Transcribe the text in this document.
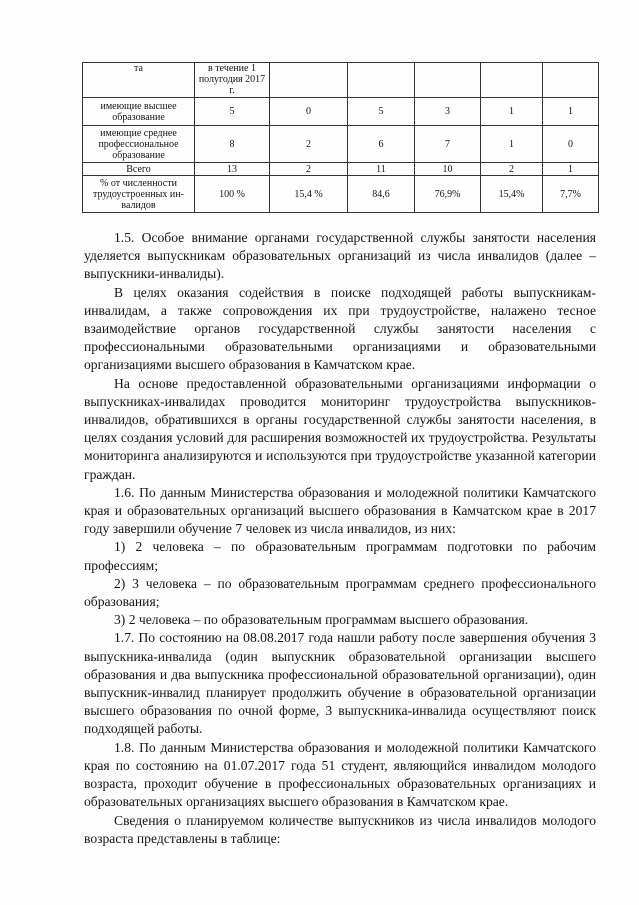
та	в течение 1 полугодия 2017 г.					
имеющие высшее образование	5	0	5	3	1	1
имеющие среднее профессиональное образование	8	2	6	7	1	0
Всего	13	2	11	10	2	1
% от численности трудоустроенных ин-валидов	100 %	15,4 %	84,6	76,9%	15,4%	7,7%

1.5. Особое внимание органами государственной службы занятости населения уделяется выпускникам образовательных организаций из числа инвалидов (далее – выпускники-инвалиды).

В целях оказания содействия в поиске подходящей работы выпускникам-инвалидам, а также сопровождения их при трудоустройстве, налажено тесное взаимодействие органов государственной службы занятости населения с профессиональными образовательными организациями и образовательными организациями высшего образования в Камчатском крае.

На основе предоставленной образовательными организациями информации о выпускниках-инвалидах проводится мониторинг трудоустройства выпускников-инвалидов, обратившихся в органы государственной службы занятости населения, в целях создания условий для расширения возможностей их трудоустройства. Результаты мониторинга анализируются и используются при трудоустройстве указанной категории граждан.

1.6. По данным Министерства образования и молодежной политики Камчатского края и образовательных организаций высшего образования в Камчатском крае в 2017 году завершили обучение 7 человек из числа инвалидов, из них:

1) 2 человека – по образовательным программам подготовки по рабочим профессиям;

2) 3 человека – по образовательным программам среднего профессионального образования;

3) 2 человека – по образовательным программам высшего образования.

1.7. По состоянию на 08.08.2017 года нашли работу после завершения обучения 3 выпускника-инвалида (один выпускник образовательной организации высшего образования и два выпускника профессиональной образовательной организации), один выпускник-инвалид планирует продолжить обучение в образовательной организации высшего образования по очной форме, 3 выпускника-инвалида осуществляют поиск подходящей работы.

1.8. По данным Министерства образования и молодежной политики Камчатского края по состоянию на 01.07.2017 года 51 студент, являющийся инвалидом молодого возраста, проходит обучение в профессиональных образовательных организациях и образовательных организациях высшего образования в Камчатском крае.

Сведения о планируемом количестве выпускников из числа инвалидов молодого возраста представлены в таблице:
